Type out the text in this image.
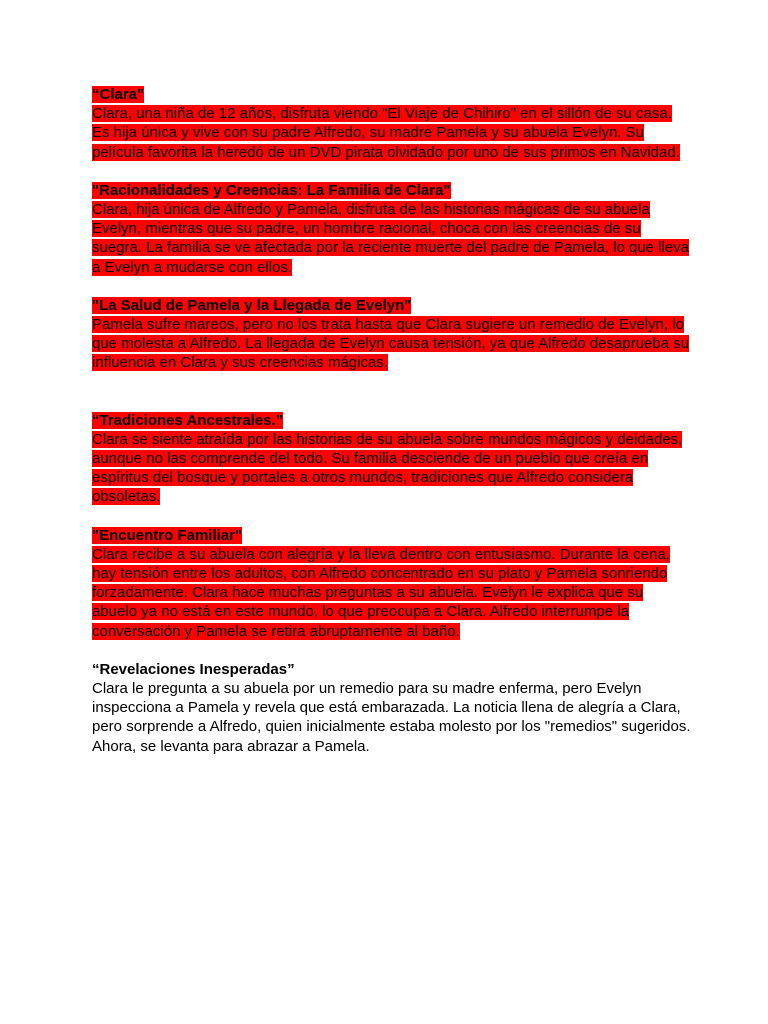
“Clara"
Clara, una niña de 12 años, disfruta viendo "El Viaje de Chihiro" en el sillón de su casa. Es hija única y vive con su padre Alfredo, su madre Pamela y su abuela Evelyn. Su película favorita la heredó de un DVD pirata olvidado por uno de sus primos en Navidad.
"Racionalidades y Creencias: La Familia de Clara"
Clara, hija única de Alfredo y Pamela, disfruta de las historias mágicas de su abuela Evelyn, mientras que su padre, un hombre racional, choca con las creencias de su suegra. La familia se ve afectada por la reciente muerte del padre de Pamela, lo que lleva a Evelyn a mudarse con ellos.
"La Salud de Pamela y la Llegada de Evelyn"
Pamela sufre mareos, pero no los trata hasta que Clara sugiere un remedio de Evelyn, lo que molesta a Alfredo. La llegada de Evelyn causa tensión, ya que Alfredo desaprueba su influencia en Clara y sus creencias mágicas.
“Tradiciones Ancestrales.”
Clara se siente atraída por las historias de su abuela sobre mundos mágicos y deidades, aunque no las comprende del todo. Su familia desciende de un pueblo que creía en espíritus del bosque y portales a otros mundos, tradiciones que Alfredo considera obsoletas.
"Encuentro Familiar"
Clara recibe a su abuela con alegría y la lleva dentro con entusiasmo. Durante la cena, hay tensión entre los adultos, con Alfredo concentrado en su plato y Pamela sonriendo forzadamente. Clara hace muchas preguntas a su abuela. Evelyn le explica que su abuelo ya no está en este mundo, lo que preocupa a Clara. Alfredo interrumpe la conversación y Pamela se retira abruptamente al baño.
“Revelaciones Inesperadas”
Clara le pregunta a su abuela por un remedio para su madre enferma, pero Evelyn inspecciona a Pamela y revela que está embarazada. La noticia llena de alegría a Clara, pero sorprende a Alfredo, quien inicialmente estaba molesto por los "remedios" sugeridos. Ahora, se levanta para abrazar a Pamela.
